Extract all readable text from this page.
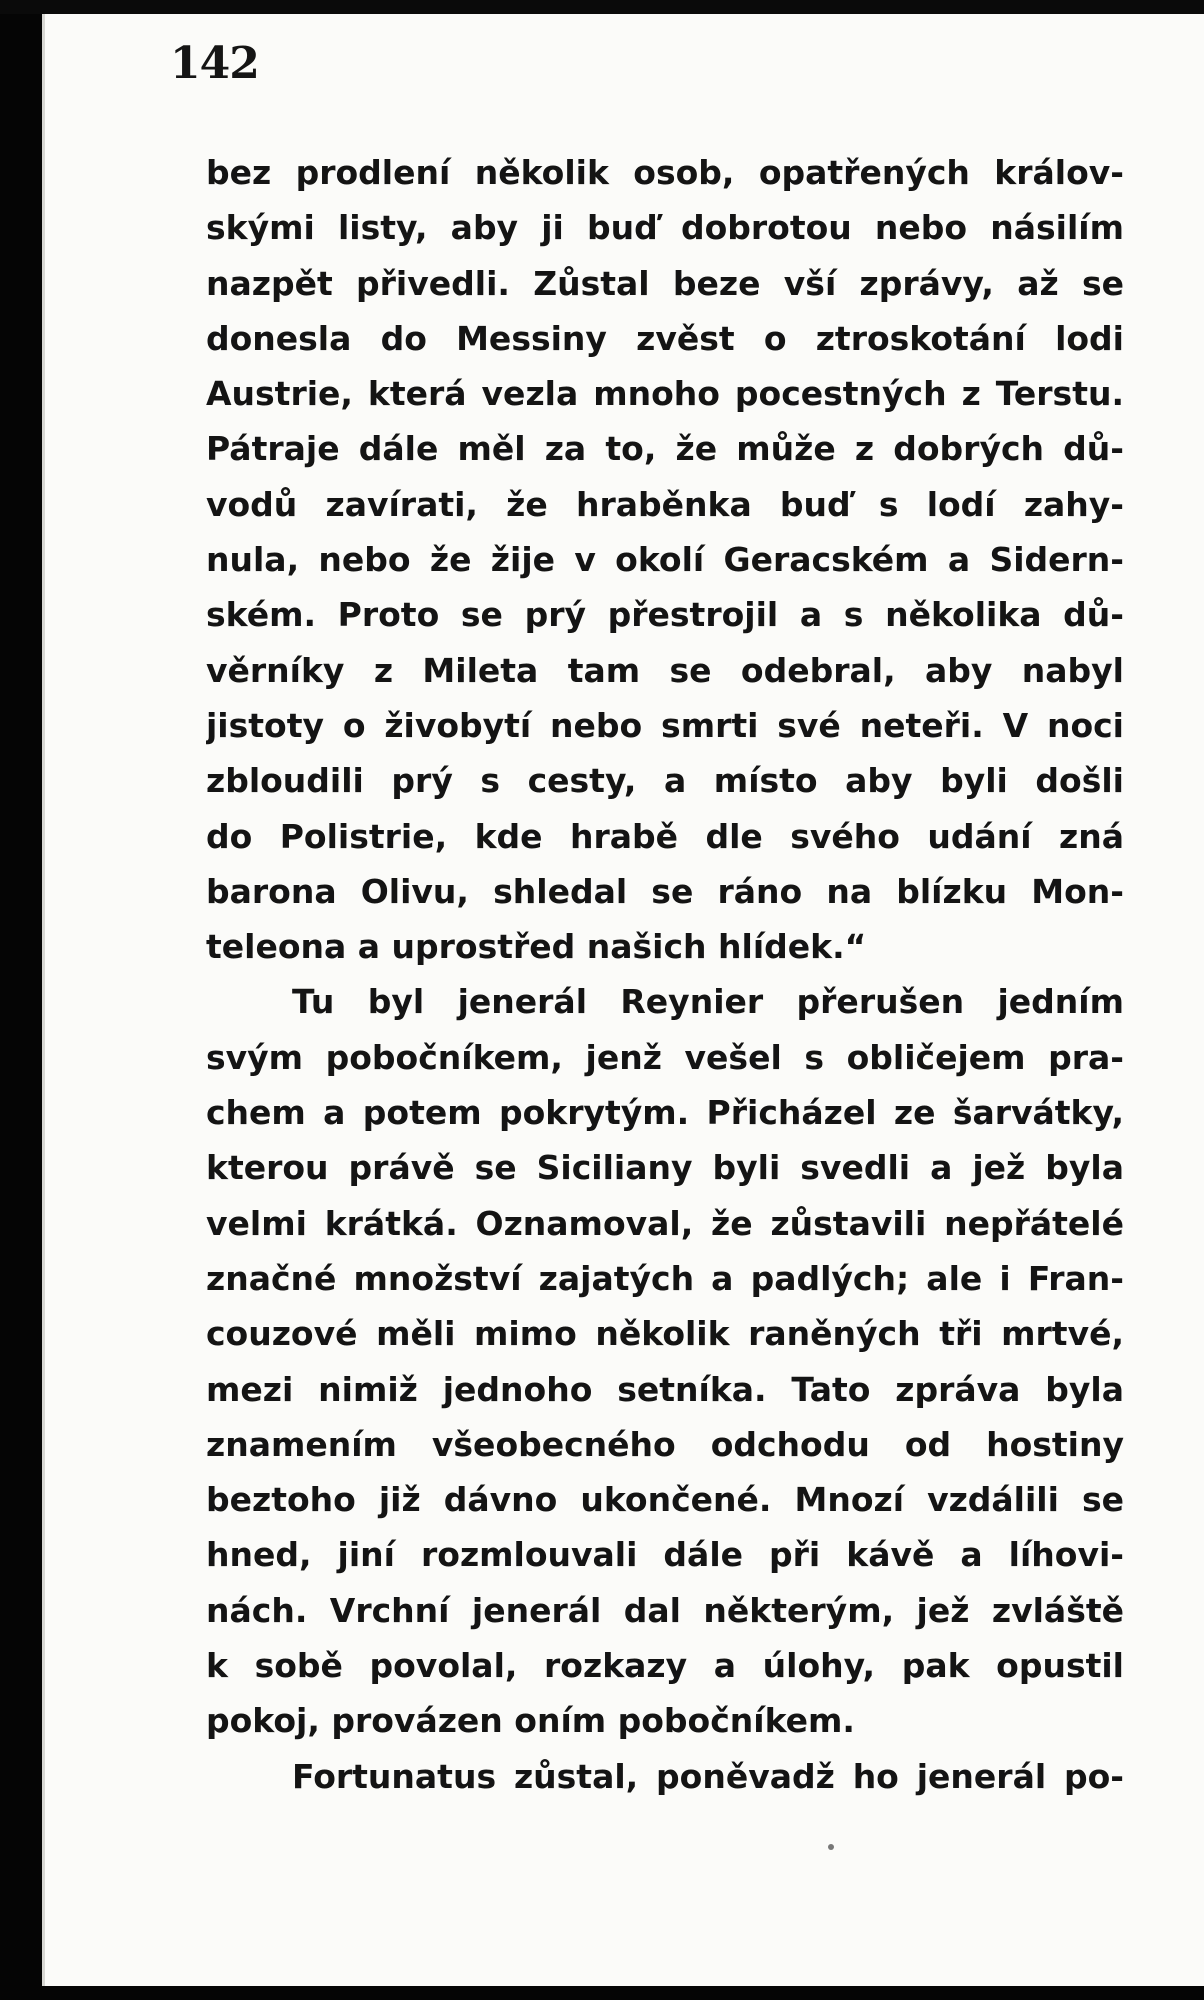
142
bez prodlení několik osob, opatřených králov-
skými listy, aby ji buď dobrotou nebo násilím
nazpět přivedli. Zůstal beze vší zprávy, až se
donesla do Messiny zvěst o ztroskotání lodi
Austrie, která vezla mnoho pocestných z Terstu.
Pátraje dále měl za to, že může z dobrých dů-
vodů zavírati, že hraběnka buď s lodí zahy-
nula, nebo že žije v okolí Geracském a Sidern-
ském. Proto se prý přestrojil a s několika dů-
věrníky z Mileta tam se odebral, aby nabyl
jistoty o živobytí nebo smrti své neteři. V noci
zbloudili prý s cesty, a místo aby byli došli
do Polistrie, kde hrabě dle svého udání zná
barona Olivu, shledal se ráno na blízku Mon-
teleona a uprostřed našich hlídek.“
Tu byl jenerál Reynier přerušen jedním
svým pobočníkem, jenž vešel s obličejem pra-
chem a potem pokrytým. Přicházel ze šarvátky,
kterou právě se Siciliany byli svedli a jež byla
velmi krátká. Oznamoval, že zůstavili nepřátelé
značné množství zajatých a padlých; ale i Fran-
couzové měli mimo několik raněných tři mrtvé,
mezi nimiž jednoho setníka. Tato zpráva byla
znamením všeobecného odchodu od hostiny
beztoho již dávno ukončené. Mnozí vzdálili se
hned, jiní rozmlouvali dále při kávě a líhovi-
nách. Vrchní jenerál dal některým, jež zvláště
k sobě povolal, rozkazy a úlohy, pak opustil
pokoj, provázen oním pobočníkem.
Fortunatus zůstal, poněvadž ho jenerál po-
